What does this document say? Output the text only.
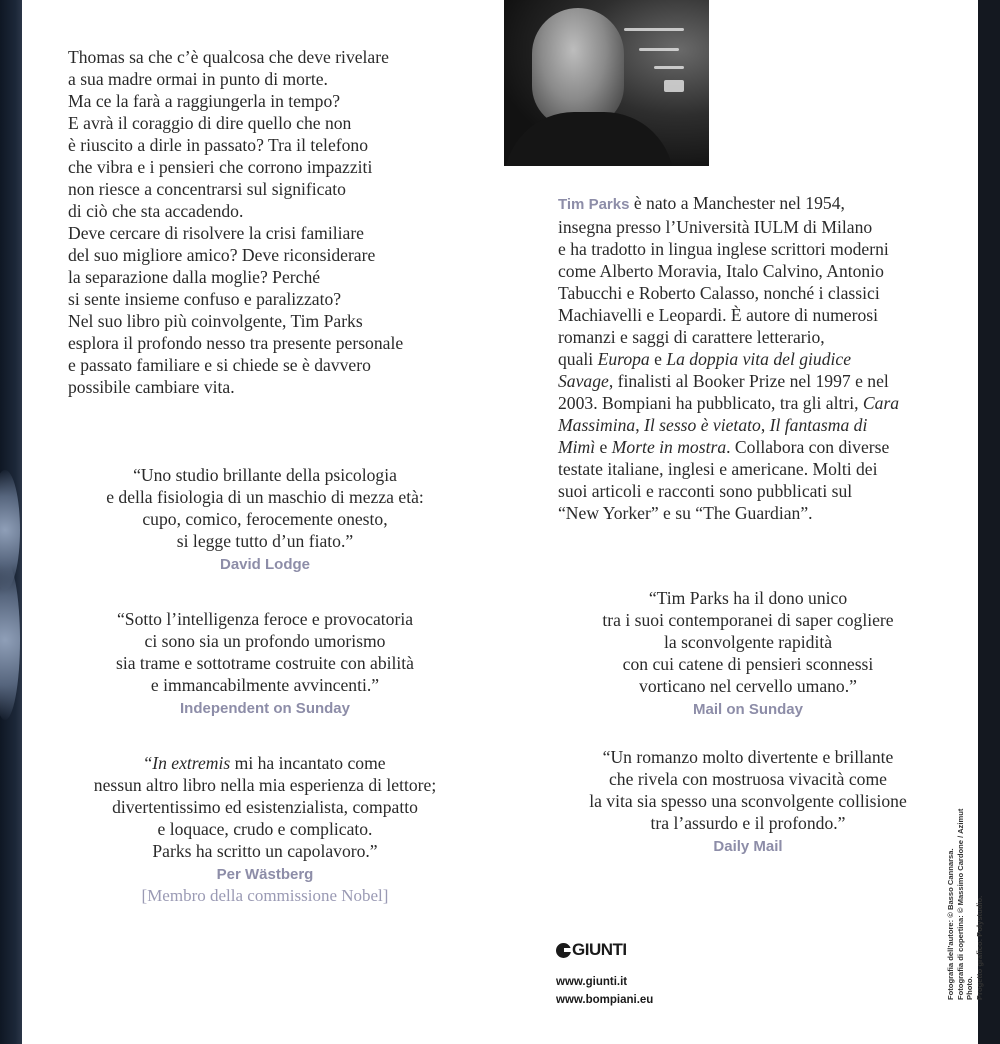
Thomas sa che c’è qualcosa che deve rivelare
a sua madre ormai in punto di morte.
Ma ce la farà a raggiungerla in tempo?
E avrà il coraggio di dire quello che non
è riuscito a dirle in passato? Tra il telefono
che vibra e i pensieri che corrono impazziti
non riesce a concentrarsi sul significato
di ciò che sta accadendo.
Deve cercare di risolvere la crisi familiare
del suo migliore amico? Deve riconsiderare
la separazione dalla moglie? Perché
si sente insieme confuso e paralizzato?
Nel suo libro più coinvolgente, Tim Parks
esplora il profondo nesso tra presente personale
e passato familiare e si chiede se è davvero
possibile cambiare vita.

Tim Parks è nato a Manchester nel 1954,

insegna presso l’Università IULM di Milano

e ha tradotto in lingua inglese scrittori moderni

come Alberto Moravia, Italo Calvino, Antonio

Tabucchi e Roberto Calasso, nonché i classici

Machiavelli e Leopardi. È autore di numerosi

romanzi e saggi di carattere letterario,

quali Europa e La doppia vita del giudice

Savage, finalisti al Booker Prize nel 1997 e nel

2003. Bompiani ha pubblicato, tra gli altri, Cara

Massimina, Il sesso è vietato, Il fantasma di

Mimì e Morte in mostra. Collabora con diverse

testate italiane, inglesi e americane. Molti dei

suoi articoli e racconti sono pubblicati sul

“New Yorker” e su “The Guardian”.

“Uno studio brillante della psicologia
e della fisiologia di un maschio di mezza età:
cupo, comico, ferocemente onesto,
si legge tutto d’un fiato.”
David Lodge
“Sotto l’intelligenza feroce e provocatoria
ci sono sia un profondo umorismo
sia trame e sottotrame costruite con abilità
e immancabilmente avvincenti.”
Independent on Sunday
“In extremis mi ha incantato come
nessun altro libro nella mia esperienza di lettore;
divertentissimo ed esistenzialista, compatto
e loquace, crudo e complicato.
Parks ha scritto un capolavoro.”
Per Wästberg
[Membro della commissione Nobel]
“Tim Parks ha il dono unico
tra i suoi contemporanei di saper cogliere
la sconvolgente rapidità
con cui catene di pensieri sconnessi
vorticano nel cervello umano.”
Mail on Sunday
“Un romanzo molto divertente e brillante
che rivela con mostruosa vivacità come
la vita sia spesso una sconvolgente collisione
tra l’assurdo e il profondo.”
Daily Mail
GIUNTI
www.giunti.it
www.bompiani.eu	Fotografia dell’autore: © Basso Cannarsa. Fotografia di copertina: © Massimo Cardone / Azimut Photo. Progetto grafico: Polystudio.
